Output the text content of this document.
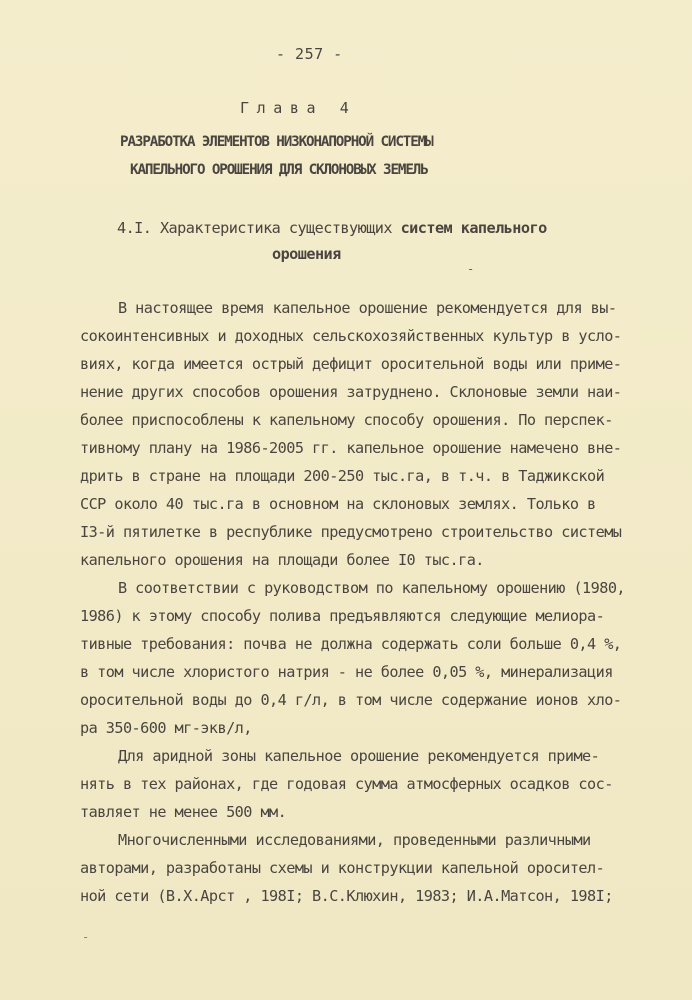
- 257 -
Глава 4
РАЗРАБОТКА ЭЛЕМЕНТОВ НИЗКОНАПОРНОЙ СИСТЕМЫ
КАПЕЛЬНОГО ОРОШЕНИЯ ДЛЯ СКЛОНОВЫХ ЗЕМЕЛЬ
4.I. Характеристика существующих систем капельного
орошения
-
В настоящее время капельное орошение рекомендуется для вы-
сокоинтенсивных и доходных сельскохозяйственных культур в усло-
виях, когда имеется острый дефицит оросительной воды или приме-
нение других способов орошения затруднено. Склоновые земли наи-
более приспособлены к капельному способу орошения. По перспек-
тивному плану на 1986-2005 гг. капельное орошение намечено вне-
дрить в стране на площади 200-250 тыс.га, в т.ч. в Таджикской
ССР около 40 тыс.га в основном на склоновых землях. Только в
I3-й пятилетке в республике предусмотрено строительство системы
капельного орошения на площади более I0 тыс.га.
В соответствии с руководством по капельному орошению (1980,
1986) к этому способу полива предъявляются следующие мелиора-
тивные требования: почва не должна содержать соли больше 0,4 %,
в том числе хлористого натрия - не более 0,05 %, минерализация
оросительной воды до 0,4 г/л, в том числе содержание ионов хло-
ра 350-600 мг-экв/л,
Для аридной зоны капельное орошение рекомендуется приме-
нять в тех районах, где годовая сумма атмосферных осадков сос-
тавляет не менее 500 мм.
Многочисленными исследованиями, проведенными различными
авторами, разработаны схемы и конструкции капельной оросител-
ной сети (В.Х.Арст , 198I; В.С.Клюхин, 1983; И.А.Матсон, 198I;
-
